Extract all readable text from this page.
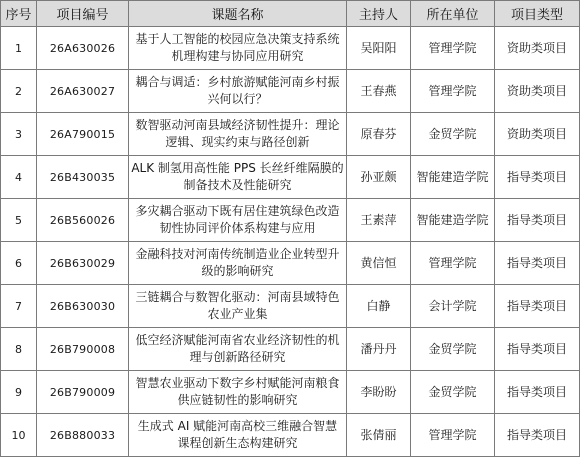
序号	项目编号	课题名称	主持人	所在单位	项目类型
1	26A630026	基于人工智能的校园应急决策支持系统
机理构建与协同应用研究	吴阳阳	管理学院	资助类项目
2	26A630027	耦合与调适：乡村旅游赋能河南乡村振
兴何以行？	王春燕	管理学院	资助类项目
3	26A790015	数智驱动河南县域经济韧性提升：理论
逻辑、现实约束与路径创新	原春芬	金贸学院	资助类项目
4	26B430035	ALK 制氢用高性能 PPS 长丝纤维隔膜的
制备技术及性能研究	孙亚颇	智能建造学院	指导类项目
5	26B560026	多灾耦合驱动下既有居住建筑绿色改造
韧性协同评价体系构建与应用	王素萍	智能建造学院	指导类项目
6	26B630029	金融科技对河南传统制造业企业转型升
级的影响研究	黄信恒	管理学院	指导类项目
7	26B630030	三链耦合与数智化驱动：河南县域特色
农业产业集	白静	会计学院	指导类项目
8	26B790008	低空经济赋能河南省农业经济韧性的机
理与创新路径研究	潘丹丹	金贸学院	指导类项目
9	26B790009	智慧农业驱动下数字乡村赋能河南粮食
供应链韧性的影响研究	李盼盼	金贸学院	指导类项目
10	26B880033	生成式 AI 赋能河南高校三维融合智慧
课程创新生态构建研究	张倩丽	管理学院	指导类项目
